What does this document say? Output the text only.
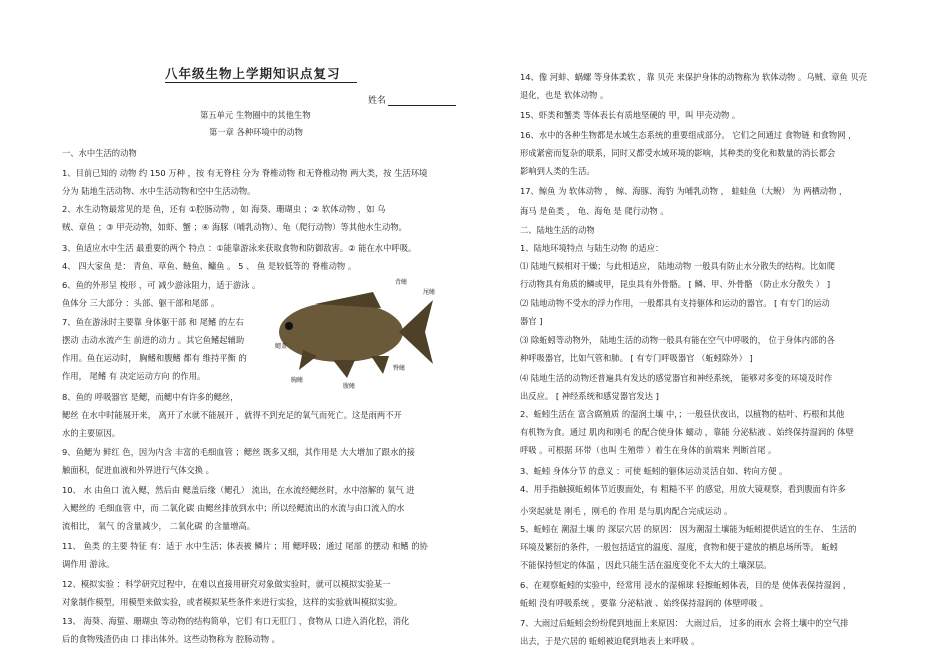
八年级生物上学期知识点复习
姓名
第五单元 生物圈中的其他生物
第一章 各种环境中的动物
一、水中生活的动物
1、目前已知的 动物 约 150 万种 ，按 有无脊柱 分为 脊椎动物 和无脊椎动物 两大类，按 生活环境
分为 陆地生活动物、水中生活动物和空中生活动物。
2、水生动物最常见的是 鱼，还有 ①腔肠动物 ，如 海葵、珊瑚虫 ；② 软体动物 ，如 乌
贼、章鱼 ；③ 甲壳动物，如虾、蟹 ；④ 海豚（哺乳动物）、龟（爬行动物）等其他水生动物。
3、鱼适应水中生活 最重要的两个 特点 ：①能靠游泳来获取食物和防御敌害。② 能在水中呼吸。
4、 四大家鱼 是： 青鱼、草鱼、鲢鱼、鳙鱼 。 5 、 鱼 是较低等的 脊椎动物 。
6、鱼的外形呈 梭形 ，可 减少游泳阻力，适于游泳 。
鱼体分 三大部分 ：头部、躯干部和尾部 。
7、鱼在游泳时主要靠 身体躯干部 和 尾鳍 的左右
摆动 击动水流产生 前进的动力 。其它鱼鳍起辅助
作用。鱼在运动时， 胸鳍和腹鳍 都有 维持平衡 的
作用， 尾鳍 有 决定运动方向 的作用。
8、鱼的 呼吸器官 是鳃，而鳃中有许多的鳃丝，
鳃丝 在水中时能展开来， 离开了水就不能展开 ，就得不到充足的氧气而死亡。这是雨两不开
水的主要原因。
9、鱼鳃为 鲜红 色，因为内含 丰富的毛细血管 ；鳃丝 既多又细，其作用是 大大增加了跟水的接
触面积，促进血液和外界进行气体交换 。
10、 水 由鱼口 流入鳃，然后由 鳃盖后缘（鳃孔） 流出，在水流经鳃丝时，水中溶解的 氧气 进
入鳃丝的 毛细血管 中，而 二氧化碳 由鳃丝排放到水中；所以经鳃流出的水流与由口流入的水
流相比， 氧气 的含量减少， 二氧化碳 的含量增高。
11、 鱼类 的主要 特征 有：适于 水中生活；体表被 鳞片 ；用 鳃呼吸；通过 尾部 的摆动 和鳍 的协
调作用 游泳。
12、模拟实验 ：科学研究过程中，在难以直接用研究对象做实验时，就可以模拟实验某一
对象制作模型，用模型来做实验，或者模拟某些条件来进行实验，这样的实验就叫模拟实验。
13、 海葵、海蜇、珊瑚虫 等动物的结构简单，它们 有口无肛门 ，食物从 口进入消化腔，消化
后的食物残渣仍由 口 排出体外。这些动物称为 腔肠动物 。
14、像 河蚌、蜗螺 等身体柔软 ，靠 贝壳 来保护身体的动物称为 软体动物 。乌贼、章鱼 贝壳
退化，也是 软体动物 。
15、虾类和蟹类 等体表长有质地坚硬的 甲，叫 甲壳动物 。
16、水中的各种生物都是水域生态系统的重要组成部分。 它们之间通过 食物链 和食物网 ，
形成紧密而复杂的联系，同时又都受水域环境的影响，其种类的变化和数量的消长都会
影响到人类的生活。
17、鲸鱼 为 软体动物 ， 鲸、海豚、海豹 为哺乳动物 ， 蛙蛙鱼（大鲵） 为 两栖动物 ，
海马 是鱼类 ， 龟、海龟 是 爬行动物 。
二、陆地生活的动物
1、陆地环境特点 与陆生动物 的适应：
⑴ 陆地气候相对干燥；与此相适应， 陆地动物 一般具有防止水分散失的结构。比如爬
行动物具有角质的鳞或甲，昆虫具有外骨骼。 [ 鳞、甲、外骨骼 （防止水分散失 ） ]
⑵ 陆地动物不受水的浮力作用，一般都具有支持躯体和运动的器官。 [ 有专门的运动
器官 ]
⑶ 除蚯蚓等动物外， 陆地生活的动物一般具有能在空气中呼吸的， 位于身体内部的各
种呼吸器官，比如气管和肺。 [ 有专门呼吸器官 （蚯蚓除外） ]
⑷ 陆地生活的动物还普遍具有发达的感觉器官和神经系统， 能够对多变的环境及时作
出反应。 [ 神经系统和感觉器官发达 ]
2、蚯蚓生活在 富含腐殖质 的湿润土壤 中，；一般昼伏夜出，以植物的枯叶、朽根和其他
有机物为食。通过 肌肉和刚毛 的配合使身体 蠕动 ，靠能 分泌粘液 、始终保持湿润的 体壁
呼吸 。可根据 环带（也叫 生殖带 ）着生在身体的前端来 判断首尾 。
3、蚯蚓 身体分节 的意义 ：可使 蚯蚓的躯体运动灵活自如、转向方便 。
4、用手指触摸蚯蚓体节近腹面处，有 粗糙不平 的感觉，用放大镜观察，看到腹面有许多
小突起就是 刚毛 ，刚毛的 作用 是与肌肉配合完成运动 。
5、蚯蚓在 潮湿土壤 的 深层穴居 的原因： 因为潮湿土壤能为蚯蚓提供适宜的生存、 生活的
环境及繁衍的条件，一般包括适宜的温度、湿度，食物和便于建放的栖息场所等。 蚯蚓
不能保持恒定的体温 ，因此只能生活在温度变化不太大的土壤深层。
6、在观察蚯蚓的实验中，经常用 浸水的湿棉球 轻擦蚯蚓体表，目的是 使体表保持湿润 ，
蚯蚓 没有呼吸系统 ，要靠 分泌粘液 、始终保持湿润的 体壁呼吸 。
7、大雨过后蚯蚓会纷纷爬到地面上来原因： 大雨过后， 过多的雨水 会将土壤中的空气排
出去，于是穴居的 蚯蚓被迫爬到地表上来呼吸 。
背鳍
尾鳍
鳃盖
胸鳍
腹鳍
臀鳍
